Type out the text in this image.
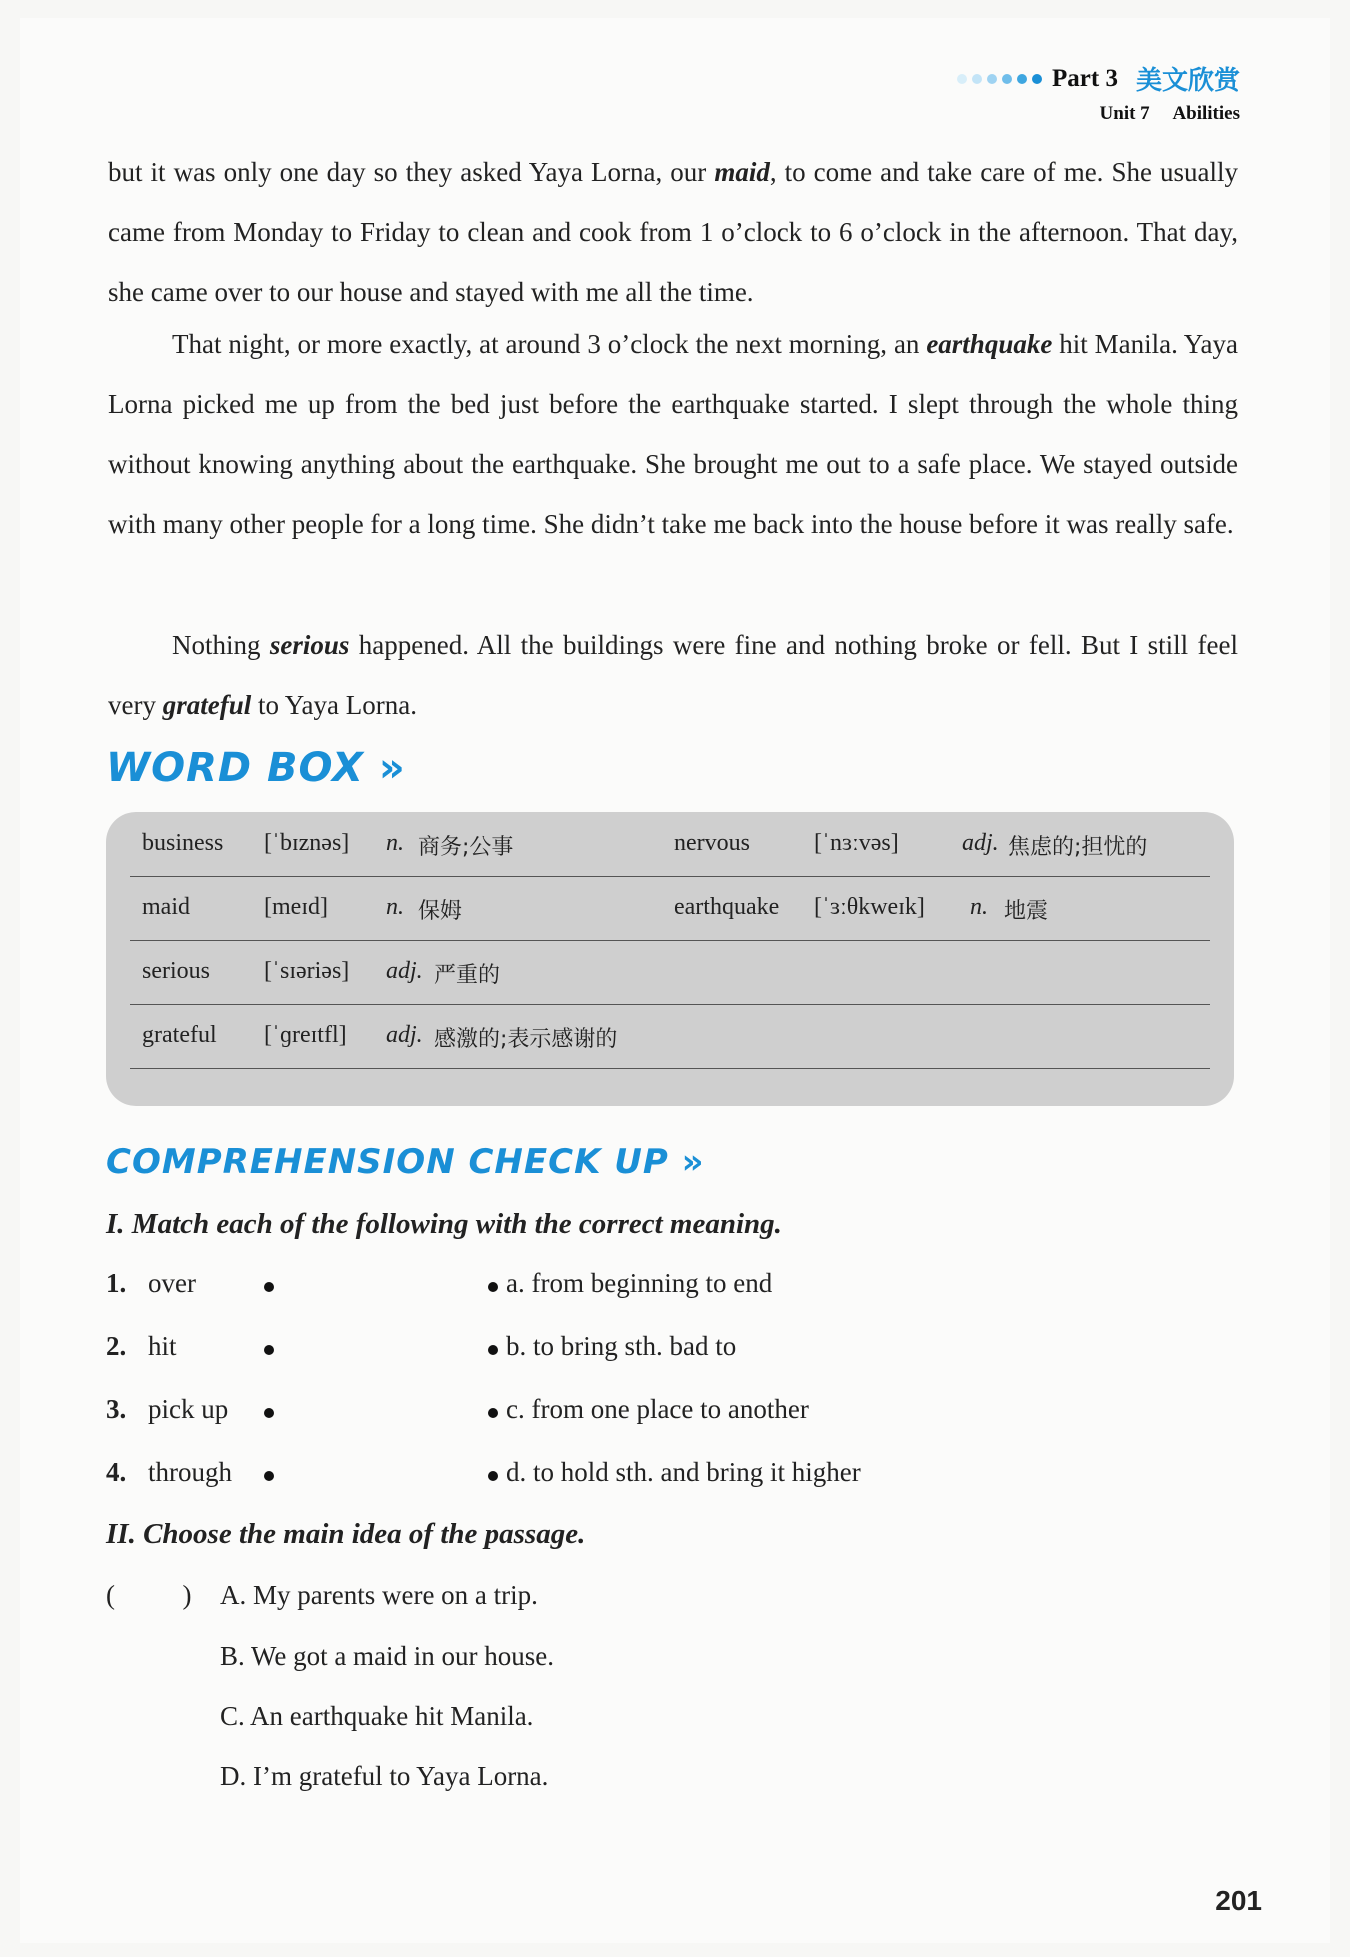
Part 3 美文欣赏
Unit 7 Abilities
but it was only one day so they asked Yaya Lorna, our maid, to come and take care of me. She usually came from Monday to Friday to clean and cook from 1 o’clock to 6 o’clock in the afternoon. That day, she came over to our house and stayed with me all the time.
That night, or more exactly, at around 3 o’clock the next morning, an earthquake hit Manila. Yaya Lorna picked me up from the bed just before the earthquake started. I slept through the whole thing without knowing anything about the earthquake. She brought me out to a safe place. We stayed outside with many other people for a long time. She didn’t take me back into the house before it was really safe.
Nothing serious happened. All the buildings were fine and nothing broke or fell. But I still feel very grateful to Yaya Lorna.
WORD BOX »
business [ˈbɪznəs] n. 商务;公事	nervous	[ˈnɜːvəs]	adj. 焦虑的;担忧的
maid	[meɪd] n. 保姆	earthquake [ˈɜːθkweɪk] n. 地震
serious [ˈsɪəriəs] adj. 严重的
grateful [ˈɡreɪtfl] adj. 感激的;表示感谢的
COMPREHENSION CHECK UP »
I. Match each of the following with the correct meaning.
1. over	a. from beginning to end
2. hit	b. to bring sth. bad to
3. pick up	c. from one place to another
4. through	d. to hold sth. and bring it higher
II. Choose the main idea of the passage.
(          ) A. My parents were on a trip.
B. We got a maid in our house.
C. An earthquake hit Manila.
D. I’m grateful to Yaya Lorna.
201
